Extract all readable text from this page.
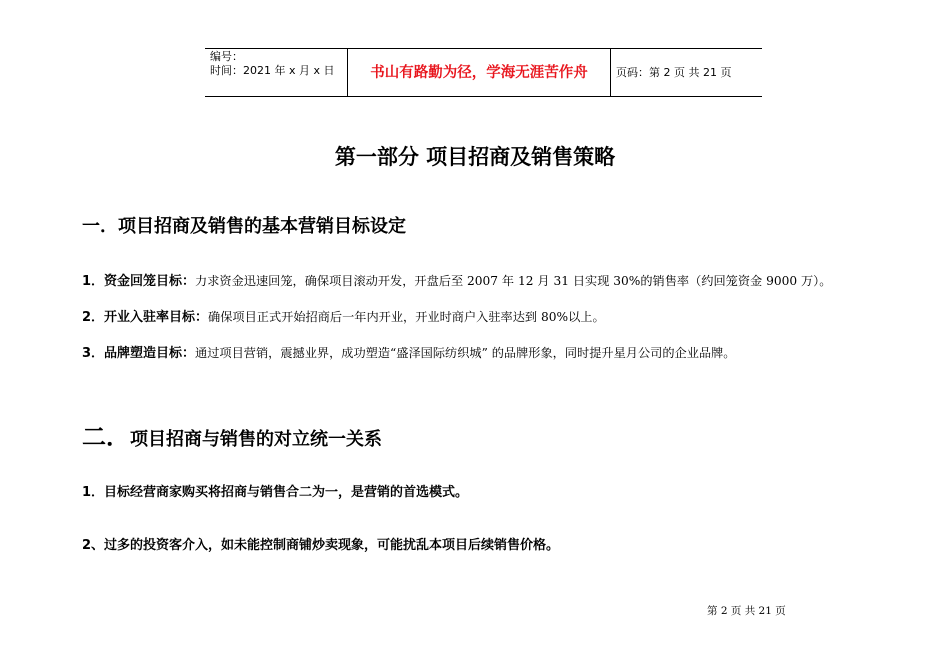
编号：
时间：2021 年 x 月 x 日	书山有路勤为径，学海无涯苦作舟	页码：第 2 页 共 21 页
第一部分 项目招商及销售策略
一．项目招商及销售的基本营销目标设定
1．资金回笼目标：力求资金迅速回笼，确保项目滚动开发，开盘后至 2007 年 12 月 31 日实现 30%的销售率（约回笼资金 9000 万）。
2．开业入驻率目标：确保项目正式开始招商后一年内开业，开业时商户入驻率达到 80%以上。
3．品牌塑造目标：通过项目营销，震撼业界，成功塑造“盛泽国际纺织城” 的品牌形象，同时提升星月公司的企业品牌。
二．项目招商与销售的对立统一关系
1．目标经营商家购买将招商与销售合二为一，是营销的首选模式。
2、过多的投资客介入，如未能控制商铺炒卖现象，可能扰乱本项目后续销售价格。
第 2 页 共 21 页
